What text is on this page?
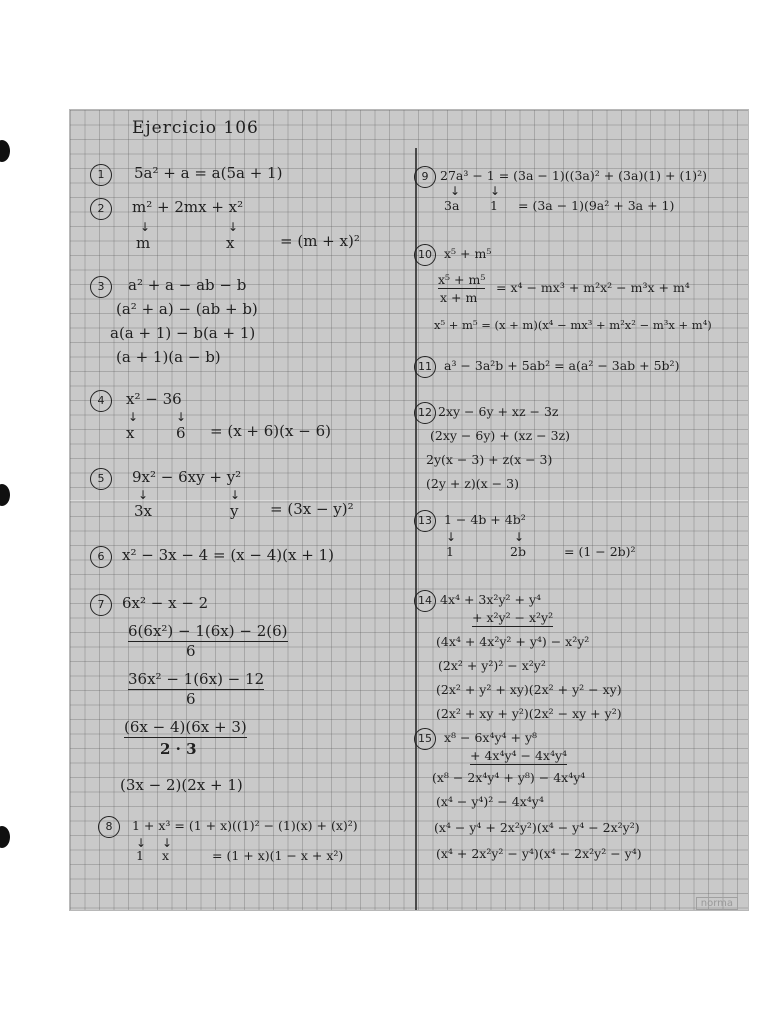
Ejercicio 106
1	5a² + a = a(5a + 1)
2	m² + 2mx + x²
↓	↓
m	x	= (m + x)²
3	a² + a − ab − b
(a² + a) − (ab + b)
a(a + 1) − b(a + 1)
(a + 1)(a − b)
4	x² − 36
↓	↓
x	6 = (x + 6)(x − 6)
5	9x² − 6xy + y²
↓	↓
3x	y = (3x − y)²
6	x² − 3x − 4 = (x − 4)(x + 1)
7	6x² − x − 2
6(6x²) − 1(6x) − 2(6)
6
36x² − 1(6x) − 12
6
(6x − 4)(6x + 3)
2 · 3
(3x − 2)(2x + 1)
8	1 + x³ = (1 + x)((1)² − (1)(x) + (x)²)
↓ ↓
1 x	= (1 + x)(1 − x + x²)
9 27a³ − 1 = (3a − 1)((3a)² + (3a)(1) + (1)²)
↓ ↓
3a 1 = (3a − 1)(9a² + 3a + 1)
10 x⁵ + m⁵
x⁵ + m⁵
x + m
= x⁴ − mx³ + m²x² − m³x + m⁴
x⁵ + m⁵ = (x + m)(x⁴ − mx³ + m²x² − m³x + m⁴)
11 a³ − 3a²b + 5ab² = a(a² − 3ab + 5b²)
12 2xy − 6y + xz − 3z
(2xy − 6y) + (xz − 3z)
2y(x − 3) + z(x − 3)
(2y + z)(x − 3)
13 1 − 4b + 4b²
↓	↓
1	2b	= (1 − 2b)²
14 4x⁴ + 3x²y² + y⁴
+ x²y² − x²y²
(4x⁴ + 4x²y² + y⁴) − x²y²
(2x² + y²)² − x²y²
(2x² + y² + xy)(2x² + y² − xy)
(2x² + xy + y²)(2x² − xy + y²)
15 x⁸ − 6x⁴y⁴ + y⁸
+ 4x⁴y⁴ − 4x⁴y⁴
(x⁸ − 2x⁴y⁴ + y⁸) − 4x⁴y⁴
(x⁴ − y⁴)² − 4x⁴y⁴
(x⁴ − y⁴ + 2x²y²)(x⁴ − y⁴ − 2x²y²)
(x⁴ + 2x²y² − y⁴)(x⁴ − 2x²y² − y⁴)
norma
